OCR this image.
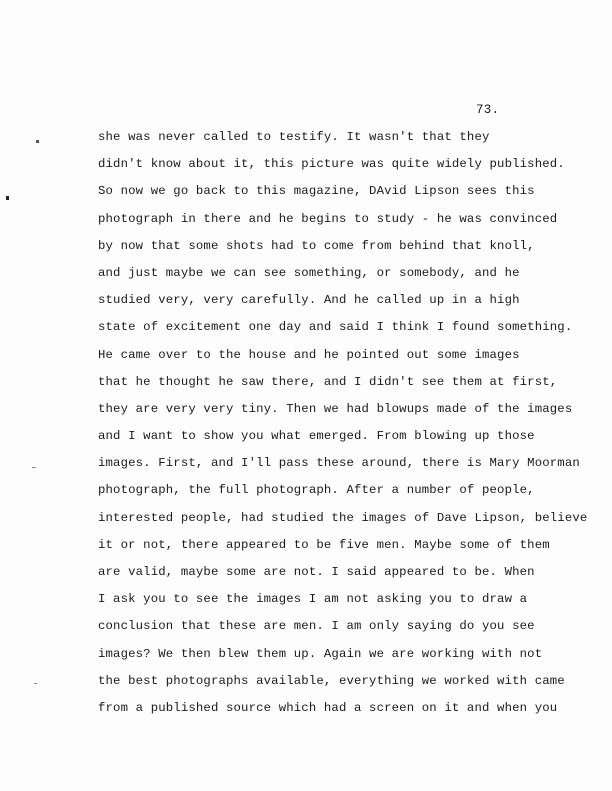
73.
she was never called to testify. It wasn't that they
didn't know about it, this picture was quite widely published.
So now we go back to this magazine, DAvid Lipson sees this
photograph in there and he begins to study - he was convinced
by now that some shots had to come from behind that knoll,
and just maybe we can see something, or somebody, and he
studied very, very carefully. And he called up in a high
state of excitement one day and said I think I found something.
He came over to the house and he pointed out some images
that he thought he saw there, and I didn't see them at first,
they are very very tiny. Then we had blowups made of the images
and I want to show you what emerged. From blowing up those
images. First, and I'll pass these around, there is Mary Moorman
photograph, the full photograph. After a number of people,
interested people, had studied the images of Dave Lipson, believe
it or not, there appeared to be five men. Maybe some of them
are valid, maybe some are not. I said appeared to be. When
I ask you to see the images I am not asking you to draw a
conclusion that these are men. I am only saying do you see
images? We then blew them up. Again we are working with not
the best photographs available, everything we worked with came
from a published source which had a screen on it and when you
